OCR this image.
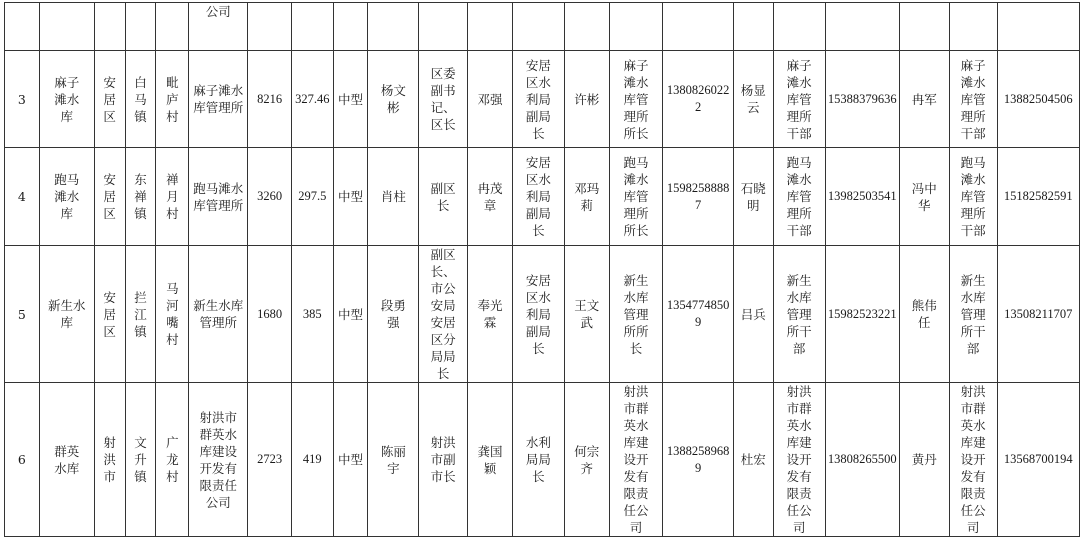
					公司																
3	麻子滩水库	安居区	白马镇	毗庐村	麻子滩水库管理所	8216	327.46	中型	杨文彬	区委副书记、区长	邓强	安居区水利局副局长	许彬	麻子滩水库管理所所长	13808260222	杨显云	麻子滩水库管理所干部	15388379636	冉军	麻子滩水库管理所干部	13882504506
4	跑马滩水库	安居区	东禅镇	禅月村	跑马滩水库管理所	3260	297.5	中型	肖柱	副区长	冉茂章	安居区水利局副局长	邓玛莉	跑马滩水库管理所所长	15982588887	石晓明	跑马滩水库管理所干部	13982503541	冯中华	跑马滩水库管理所干部	15182582591
5	新生水库	安居区	拦江镇	马河嘴村	新生水库管理所	1680	385	中型	段勇强	副区长、市公安局安居区分局局长	奉光霖	安居区水利局副局长	王文武	新生水库管理所所长	13547748509	吕兵	新生水库管理所干部	15982523221	熊伟任	新生水库管理所干部	13508211707
6	群英水库	射洪市	文升镇	广龙村	射洪市群英水库建设开发有限责任公司	2723	419	中型	陈丽宇	射洪市副市长	龚国颖	水利局局长	何宗齐	射洪市群英水库建设开发有限责任公司	13882589689	杜宏	射洪市群英水库建设开发有限责任公司	13808265500	黄丹	射洪市群英水库建设开发有限责任公司	13568700194
